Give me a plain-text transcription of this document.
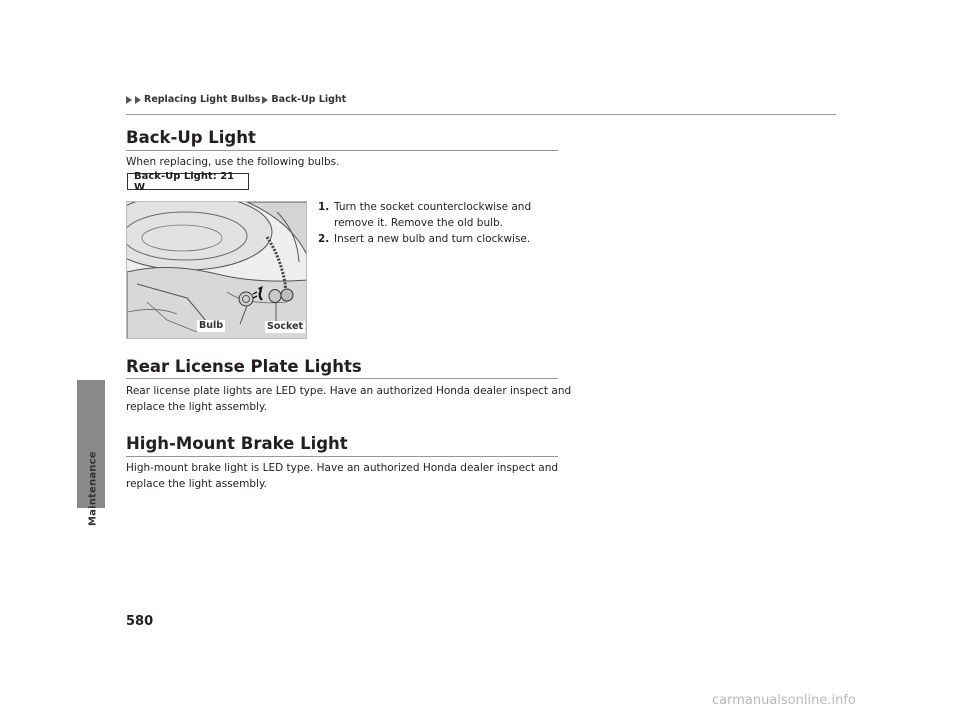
Maintenance
Replacing Light Bulbs Back-Up Light
Back-Up Light
When replacing, use the following bulbs.
Back-Up Light: 21 W
Bulb	Socket
1. Turn the socket counterclockwise and
remove it. Remove the old bulb.
2. Insert a new bulb and turn clockwise.
Rear License Plate Lights
Rear license plate lights are LED type. Have an authorized Honda dealer inspect and
replace the light assembly.
High-Mount Brake Light
High-mount brake light is LED type. Have an authorized Honda dealer inspect and
replace the light assembly.
580
carmanualsonline.info
